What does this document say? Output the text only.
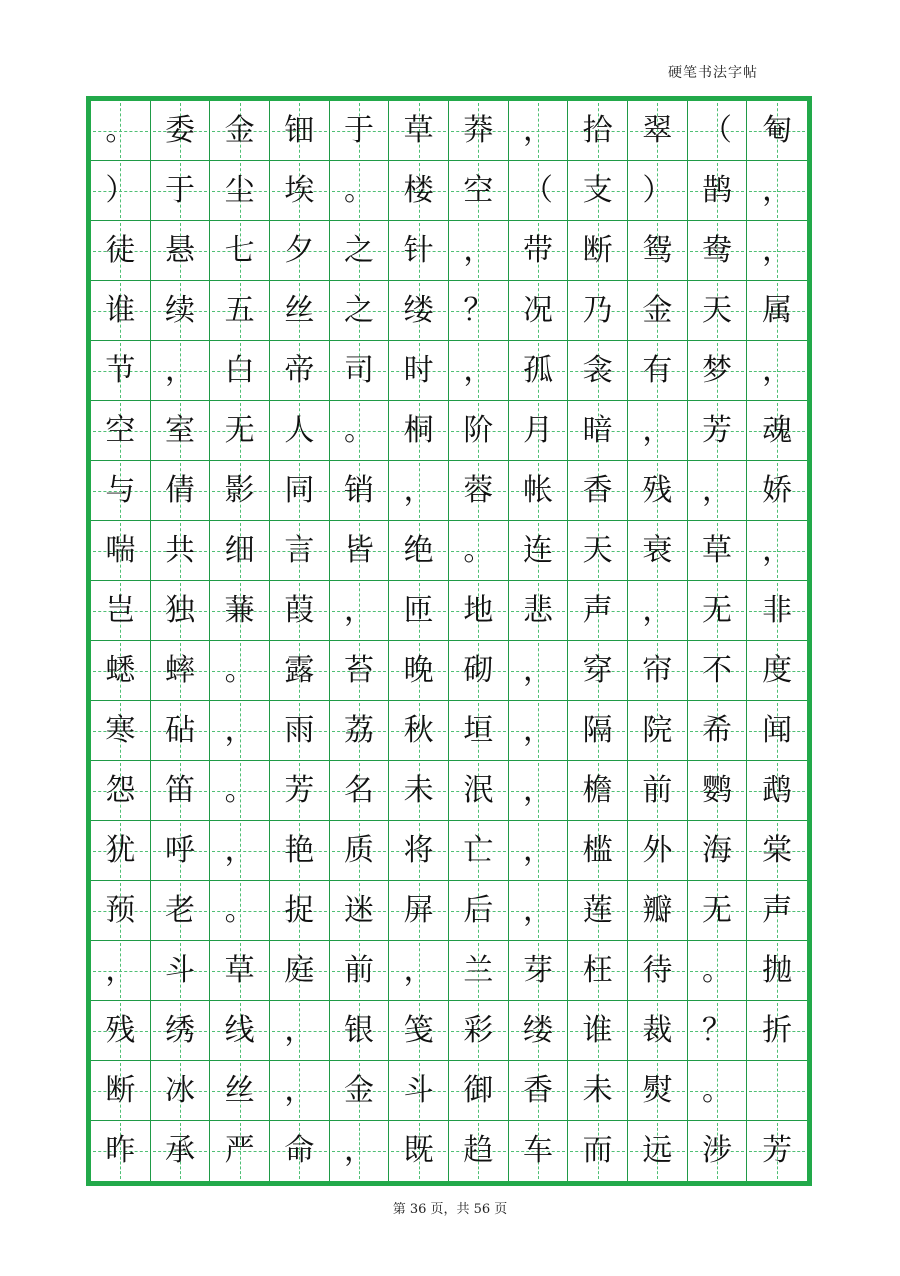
硬笔书法字帖
。 委 金 钿 于 草 莽 ， 拾 翠 （ 匎
） 于 尘 埃 。 楼 空 （ 支 ） 鹊 ，
徒 悬 七 夕 之 针 ， 带 断 鸳 鸯 ，
谁 续 五 丝 之 缕 ？ 况 乃 金 天 属
节 ， 白 帝 司 时 ， 孤 衾 有 梦 ，
空 室 无 人 。 桐 阶 月 暗 ， 芳 魂
与 倩 影 同 销 ， 蓉 帐 香 残 ， 娇
喘 共 细 言 皆 绝 。 连 天 衰 草 ，
岂 独 蒹 葭 ， 匝 地 悲 声 ， 无 非
蟋 蟀 。 露 苔 晚 砌 ， 穿 帘 不 度
寒 砧 ， 雨 荔 秋 垣 ， 隔 院 希 闻
怨 笛 。 芳 名 未 泯 ， 檐 前 鹦 鹉
犹 呼 ， 艳 质 将 亡 ， 槛 外 海 棠
预 老 。 捉 迷 屏 后 ， 莲 瓣 无 声
， 斗 草 庭 前 ， 兰 芽 枉 待 。 抛
残 绣 线 ， 银 笺 彩 缕 谁 裁 ？ 折
断 冰 丝 ， 金 斗 御 香 未 熨 。
昨 承 严 命 ， 既 趋 车 而 远 涉 芳
第 36 页，共 56 页
